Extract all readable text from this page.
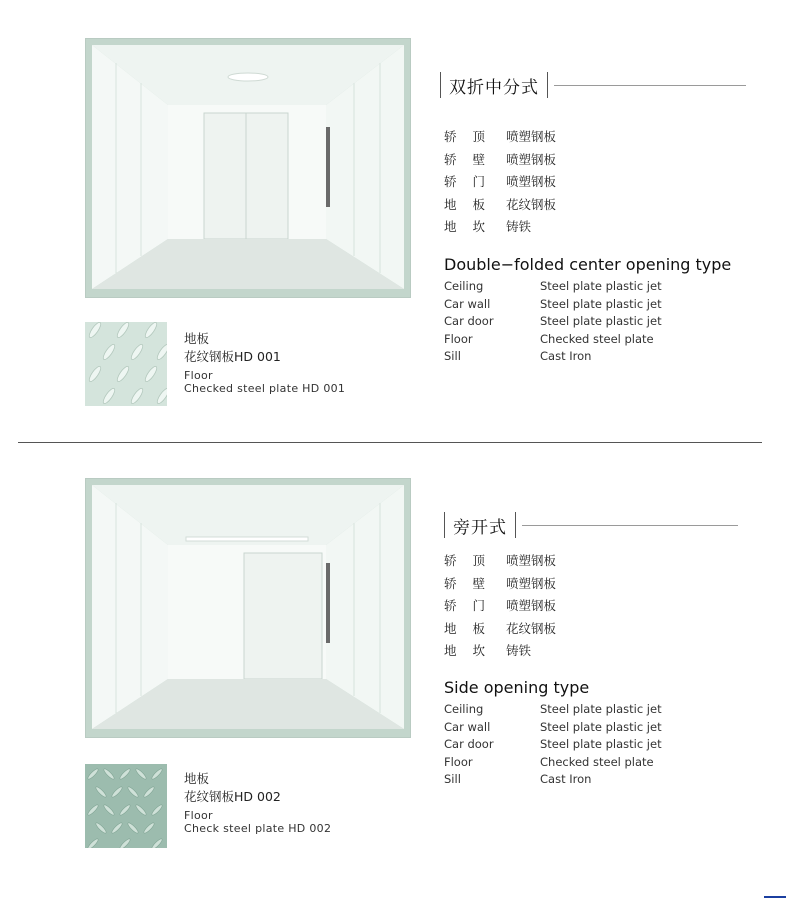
地板
花纹钢板HD 001
Floor
Checked steel plate HD 001
双折中分式
轿 顶	喷塑钢板
轿 壁	喷塑钢板
轿 门	喷塑钢板
地 板	花纹钢板
地 坎	铸铁
Double−folded center opening type
Ceiling	Steel plate plastic jet
Car wall	Steel plate plastic jet
Car door	Steel plate plastic jet
Floor	Checked steel plate
Sill	Cast Iron
地板
花纹钢板HD 002
Floor
Check steel plate HD 002
旁开式
轿 顶	喷塑钢板
轿 壁	喷塑钢板
轿 门	喷塑钢板
地 板	花纹钢板
地 坎	铸铁
Side opening type
Ceiling	Steel plate plastic jet
Car wall	Steel plate plastic jet
Car door	Steel plate plastic jet
Floor	Checked steel plate
Sill	Cast Iron
